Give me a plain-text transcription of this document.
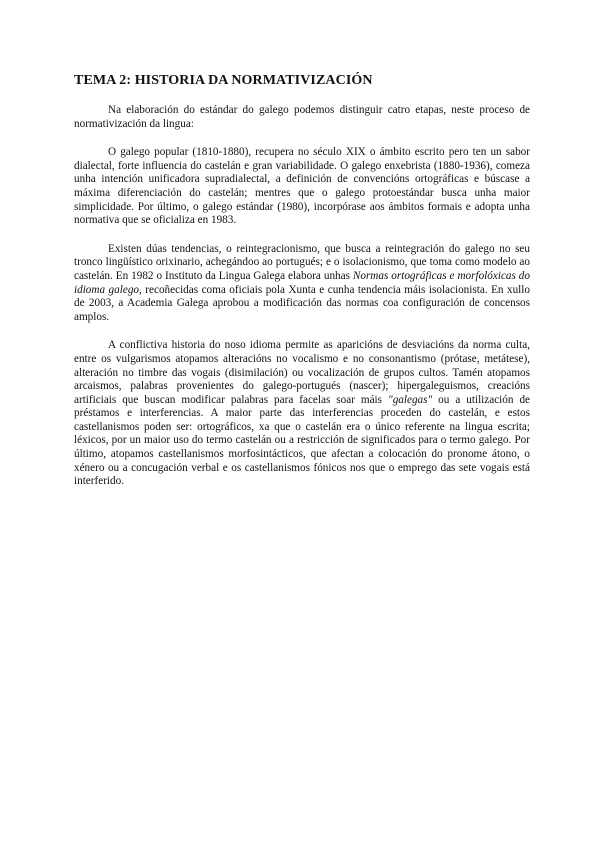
TEMA 2: HISTORIA DA NORMATIVIZACIÓN

Na elaboración do estándar do galego podemos distinguir catro etapas, neste proceso de normativización da lingua:

O galego popular (1810-1880), recupera no século XIX o ámbito escrito pero ten un sabor dialectal, forte influencia do castelán e gran variabilidade. O galego enxebrista (1880-1936), comeza unha intención unificadora supradialectal, a definición de convencións ortográficas e búscase a máxima diferenciación do castelán; mentres que o galego protoestándar busca unha maior simplicidade. Por último, o galego estándar (1980), incorpórase aos ámbitos formais e adopta unha normativa que se oficializa en 1983.

Existen dúas tendencias, o reintegracionismo, que busca a reintegración do galego no seu tronco lingüístico orixinario, achegándoo ao portugués; e o isolacionismo, que toma como modelo ao castelán. En 1982 o Instituto da Lingua Galega elabora unhas Normas ortográficas e morfolóxicas do idioma galego, recoñecidas coma oficiais pola Xunta e cunha tendencia máis isolacionista. En xullo de 2003, a Academia Galega aprobou a modificación das normas coa configuración de concensos amplos.

A conflictiva historia do noso idioma permite as aparicións de desviacións da norma culta, entre os vulgarismos atopamos alteracións no vocalismo e no consonantismo (prótase, metátese), alteración no timbre das vogais (disimilación) ou vocalización de grupos cultos. Tamén atopamos arcaismos, palabras provenientes do galego-portugués (nascer); hipergaleguismos, creacións artificiais que buscan modificar palabras para facelas soar máis "galegas" ou a utilización de préstamos e interferencias. A maior parte das interferencias proceden do castelán, e estos castellanismos poden ser: ortográficos, xa que o castelán era o único referente na lingua escrita; léxicos, por un maior uso do termo castelán ou a restricción de significados para o termo galego. Por último, atopamos castellanismos morfosintácticos, que afectan a colocación do pronome átono, o xénero ou a concugación verbal e os castellanismos fónicos nos que o emprego das sete vogais está interferido.
